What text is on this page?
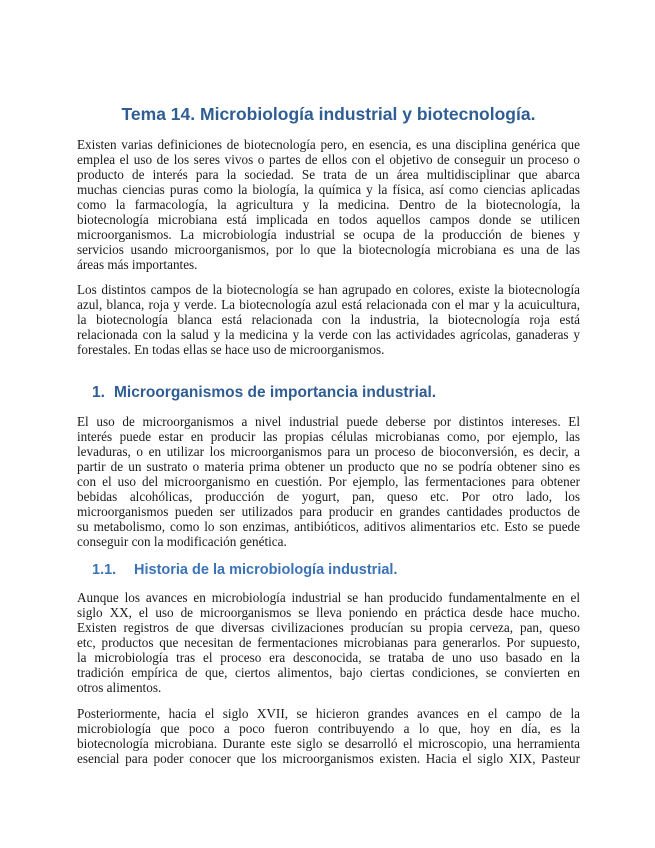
Tema 14. Microbiología industrial y biotecnología.
Existen varias definiciones de biotecnología pero, en esencia, es una disciplina genérica que
emplea el uso de los seres vivos o partes de ellos con el objetivo de conseguir un proceso o
producto de interés para la sociedad. Se trata de un área multidisciplinar que abarca
muchas ciencias puras como la biología, la química y la física, así como ciencias aplicadas
como la farmacología, la agricultura y la medicina. Dentro de la biotecnología, la
biotecnología microbiana está implicada en todos aquellos campos donde se utilicen
microorganismos. La microbiología industrial se ocupa de la producción de bienes y
servicios usando microorganismos, por lo que la biotecnología microbiana es una de las
áreas más importantes.
Los distintos campos de la biotecnología se han agrupado en colores, existe la biotecnología
azul, blanca, roja y verde. La biotecnología azul está relacionada con el mar y la acuicultura,
la biotecnología blanca está relacionada con la industria, la biotecnología roja está
relacionada con la salud y la medicina y la verde con las actividades agrícolas, ganaderas y
forestales. En todas ellas se hace uso de microorganismos.
1. Microorganismos de importancia industrial.
El uso de microorganismos a nivel industrial puede deberse por distintos intereses. El
interés puede estar en producir las propias células microbianas como, por ejemplo, las
levaduras, o en utilizar los microorganismos para un proceso de bioconversión, es decir, a
partir de un sustrato o materia prima obtener un producto que no se podría obtener sino es
con el uso del microorganismo en cuestión. Por ejemplo, las fermentaciones para obtener
bebidas alcohólicas, producción de yogurt, pan, queso etc. Por otro lado, los
microorganismos pueden ser utilizados para producir en grandes cantidades productos de
su metabolismo, como lo son enzimas, antibióticos, aditivos alimentarios etc. Esto se puede
conseguir con la modificación genética.
1.1. Historia de la microbiología industrial.
Aunque los avances en microbiología industrial se han producido fundamentalmente en el
siglo XX, el uso de microorganismos se lleva poniendo en práctica desde hace mucho.
Existen registros de que diversas civilizaciones producían su propia cerveza, pan, queso
etc, productos que necesitan de fermentaciones microbianas para generarlos. Por supuesto,
la microbiología tras el proceso era desconocida, se trataba de uno uso basado en la
tradición empírica de que, ciertos alimentos, bajo ciertas condiciones, se convierten en
otros alimentos.
Posteriormente, hacia el siglo XVII, se hicieron grandes avances en el campo de la
microbiología que poco a poco fueron contribuyendo a lo que, hoy en día, es la
biotecnología microbiana. Durante este siglo se desarrolló el microscopio, una herramienta
esencial para poder conocer que los microorganismos existen. Hacia el siglo XIX, Pasteur
